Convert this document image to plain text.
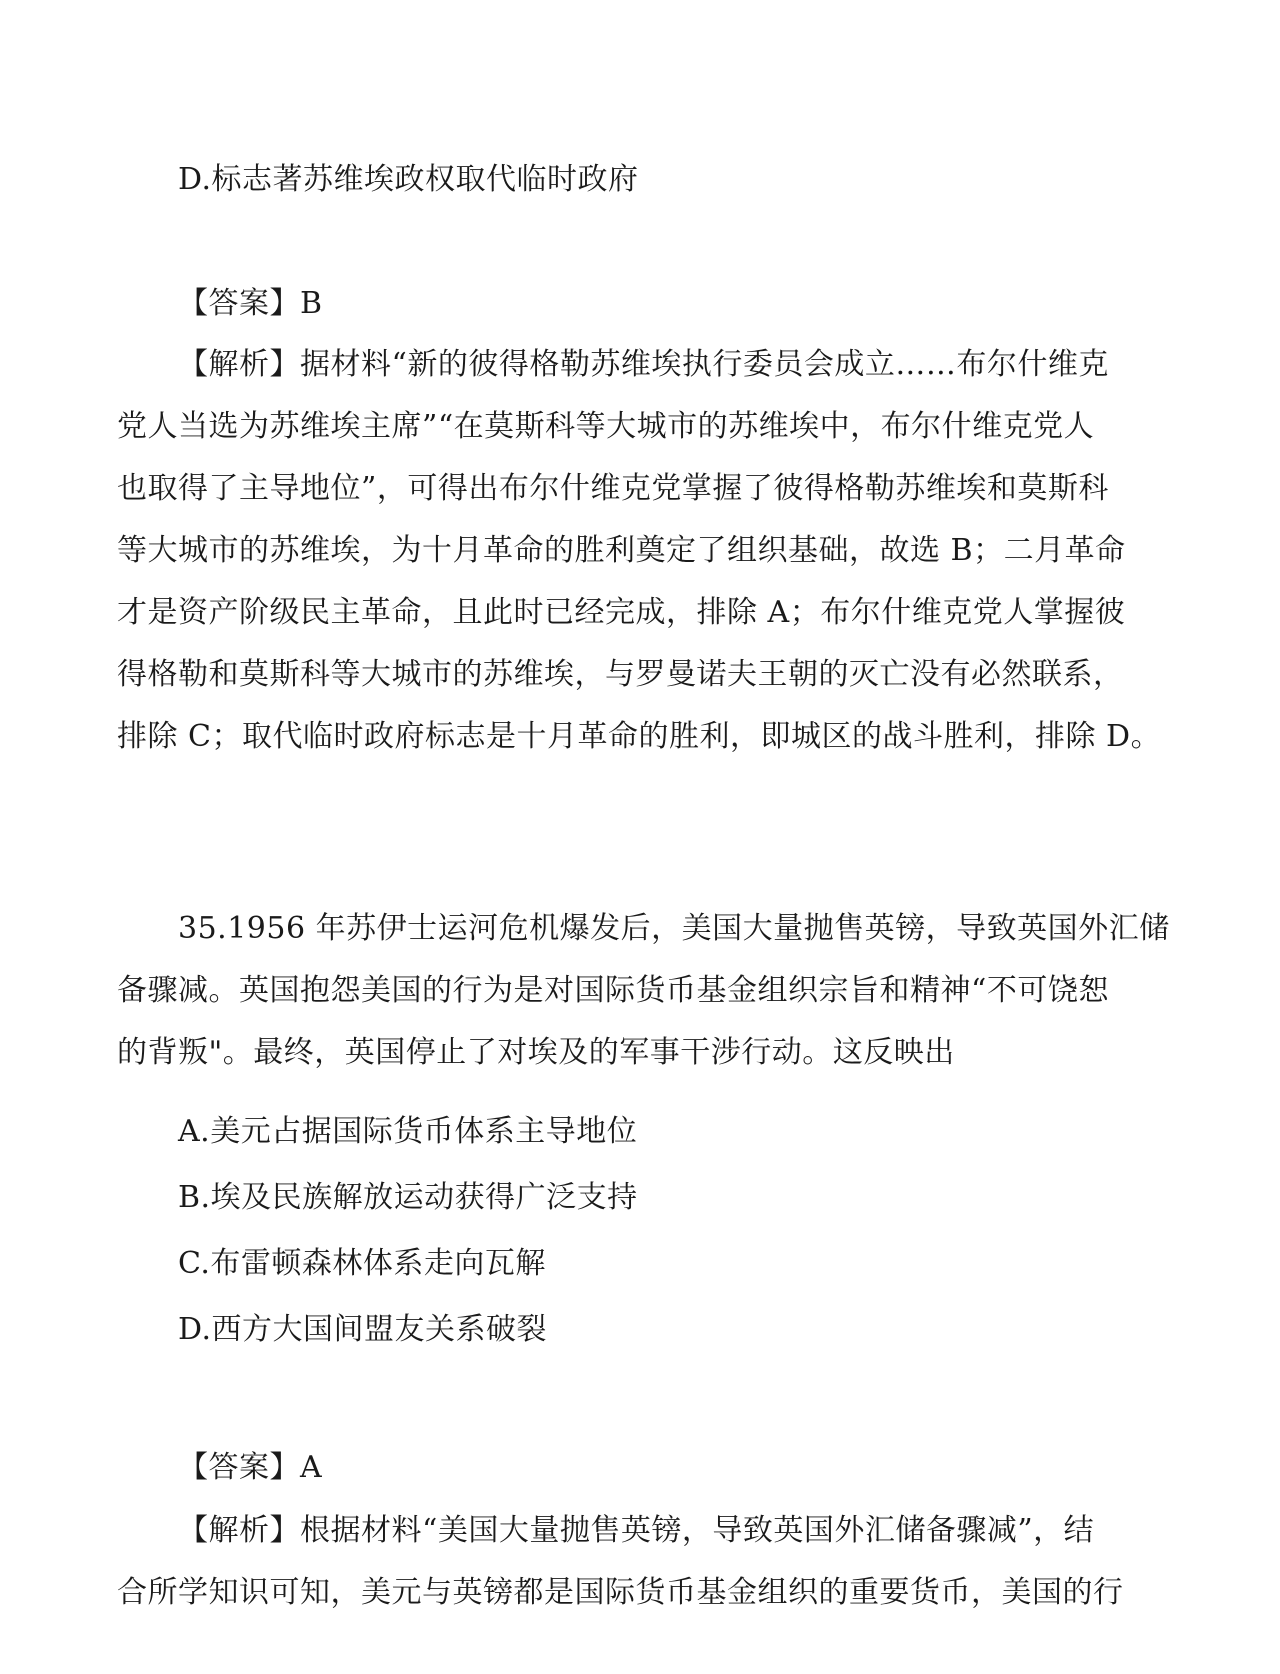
D.标志著苏维埃政权取代临时政府
【答案】B
【解析】据材料“新的彼得格勒苏维埃执行委员会成立……布尔什维克
党人当选为苏维埃主席”“在莫斯科等大城市的苏维埃中，布尔什维克党人
也取得了主导地位”，可得出布尔什维克党掌握了彼得格勒苏维埃和莫斯科
等大城市的苏维埃，为十月革命的胜利奠定了组织基础，故选 B；二月革命
才是资产阶级民主革命，且此时已经完成，排除 A；布尔什维克党人掌握彼
得格勒和莫斯科等大城市的苏维埃，与罗曼诺夫王朝的灭亡没有必然联系，
排除 C；取代临时政府标志是十月革命的胜利，即城区的战斗胜利，排除 D。
35.1956 年苏伊士运河危机爆发后，美国大量抛售英镑，导致英国外汇储
备骤减。英国抱怨美国的行为是对国际货币基金组织宗旨和精神“不可饶恕
的背叛"。最终，英国停止了对埃及的军事干涉行动。这反映出
A.美元占据国际货币体系主导地位
B.埃及民族解放运动获得广泛支持
C.布雷顿森林体系走向瓦解
D.西方大国间盟友关系破裂
【答案】A
【解析】根据材料“美国大量抛售英镑，导致英国外汇储备骤减”，结
合所学知识可知，美元与英镑都是国际货币基金组织的重要货币，美国的行
